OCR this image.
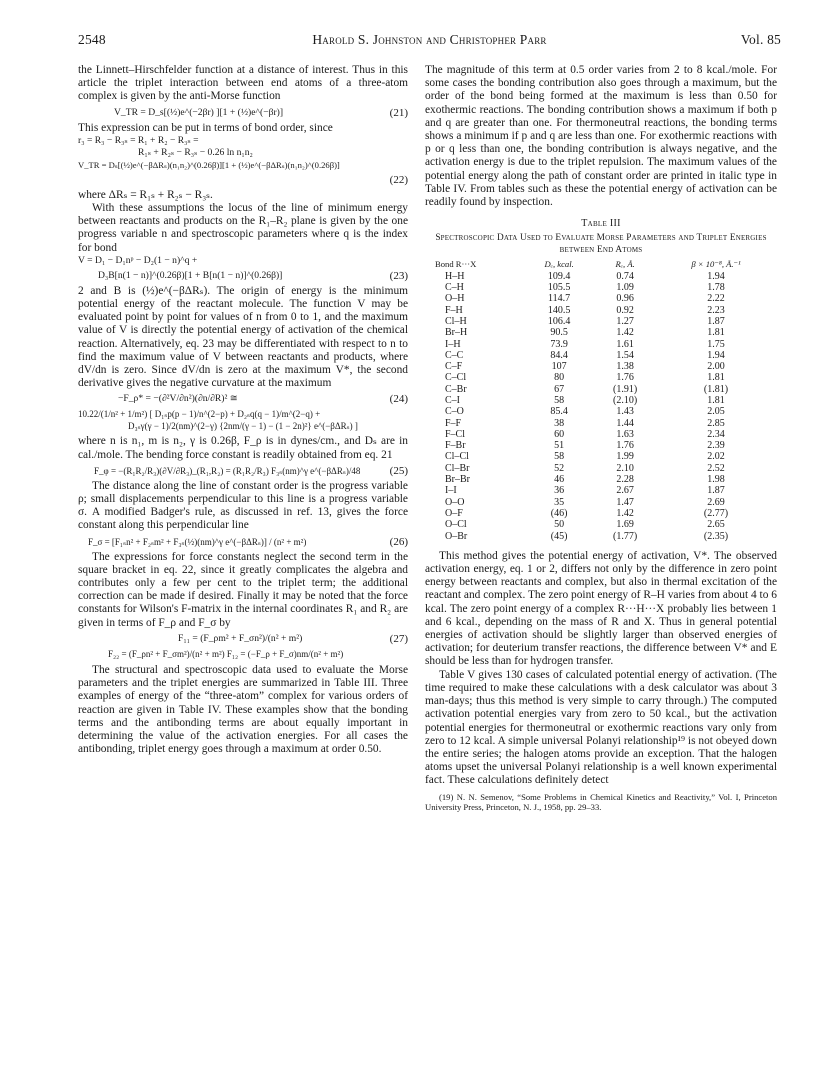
2548	Harold S. Johnston and Christopher Parr	Vol. 85

the Linnett–Hirschfelder function at a distance of interest. Thus in this article the triplet interaction between end atoms of a three-atom complex is given by the anti-Morse function

V_TR = D_s[(½)e^(−2βr) ][1 + (½)e^(−βr)]	(21)

This expression can be put in terms of bond order, since

r₃ = R₃ − R₃ₛ = R₁ + R₂ − R₃ₛ =
R₁ₛ + R₂ₛ − R₃ₛ − 0.26 ln n₁n₂
V_TR = Dₛ[(½)e^(−βΔRₛ)(n₁n₂)^(0.26β)][1 + (½)e^(−βΔRₛ)(n₁n₂)^(0.26β)]
(22)

where ΔRₛ = R₁ₛ + R₂ₛ − R₃ₛ.

With these assumptions the locus of the line of minimum energy between reactants and products on the R₁–R₂ plane is given by the one progress variable n and spectroscopic parameters where q is the index for bond

V = D₁ − D₁nᵖ − D₂(1 − n)^q +
D₃B[n(1 − n)]^(0.26β)[1 + B[n(1 − n)]^(0.26β)]	(23)

2 and B is (½)e^(−βΔRₛ). The origin of energy is the minimum potential energy of the reactant molecule. The function V may be evaluated point by point for values of n from 0 to 1, and the maximum value of V is directly the potential energy of activation of the chemical reaction. Alternatively, eq. 23 may be differentiated with respect to n to find the maximum value of V between reactants and products, where dV/dn is zero. Since dV/dn is zero at the maximum V*, the second derivative gives the negative curvature at the maximum

−F_ρ* = −(∂²V/∂n²)(∂n/∂R)² ≅	(24)
10.22/(1/n² + 1/m²) [ D₁ₛp(p − 1)/n^(2−p) + D₂ₛq(q − 1)/m^(2−q) +
D₃ₛγ(γ − 1)/2(nm)^(2−γ) {2nm/(γ − 1) − (1 − 2n)²} e^(−βΔRₛ) ]

where n is n₁, m is n₂, γ is 0.26β, F_ρ is in dynes/cm., and Dₛ are in cal./mole. The bending force constant is readily obtained from eq. 21

F_φ = −(R₁R₂/R₃)(∂V/∂R₃)_(R₁,R₂) = (R₁R₂/R₃) F₃ₛ(nm)^γ e^(−βΔRₛ)/48	(25)

The distance along the line of constant order is the progress variable ρ; small displacements perpendicular to this line is a progress variable σ. A modified Badger's rule, as discussed in ref. 13, gives the force constant along this perpendicular line

F_σ = [F₁ₛn² + F₂ₛm² + F₃ₛ(½)(nm)^γ e^(−βΔRₛ)] / (n² + m²)	(26)

The expressions for force constants neglect the second term in the square bracket in eq. 22, since it greatly complicates the algebra and contributes only a few per cent to the triplet term; the additional correction can be made if desired. Finally it may be noted that the force constants for Wilson's F-matrix in the internal coordinates R₁ and R₂ are given in terms of F_ρ and F_σ by

F₁₁ = (F_ρm² + F_σn²)/(n² + m²)	(27)
F₂₂ = (F_ρn² + F_σm²)/(n² + m²) F₁₂ = (−F_ρ + F_σ)nm/(n² + m²)

The structural and spectroscopic data used to evaluate the Morse parameters and the triplet energies are summarized in Table III. Three examples of energy of the “three-atom” complex for various orders of reaction are given in Table IV. These examples show that the bonding terms and the antibonding terms are about equally important in determining the value of the activation energies. For all cases the antibonding, triplet energy goes through a maximum at order 0.50.

The magnitude of this term at 0.5 order varies from 2 to 8 kcal./mole. For some cases the bonding contribution also goes through a maximum, but the order of the bond being formed at the maximum is less than 0.50 for exothermic reactions. The bonding contribution shows a maximum if both p and q are greater than one. For thermoneutral reactions, the bonding terms shows a minimum if p and q are less than one. For exothermic reactions with p or q less than one, the bonding contribution is always negative, and the activation energy is due to the triplet repulsion. The maximum values of the potential energy along the path of constant order are printed in italic type in Table IV. From tables such as these the potential energy of activation can be readily found by inspection.

Table III
Spectroscopic Data Used to Evaluate Morse Parameters and Triplet Energies between End Atoms
Bond R···X	Dₑ, kcal.	Rₑ, Å.	β × 10⁻⁸, Å.⁻¹
H–H	109.4	0.74	1.94
C–H	105.5	1.09	1.78
O–H	114.7	0.96	2.22
F–H	140.5	0.92	2.23
Cl–H	106.4	1.27	1.87
Br–H	90.5	1.42	1.81
I–H	73.9	1.61	1.75
C–C	84.4	1.54	1.94
C–F	107	1.38	2.00
C–Cl	80	1.76	1.81
C–Br	67	(1.91)	(1.81)
C–I	58	(2.10)	1.81
C–O	85.4	1.43	2.05
F–F	38	1.44	2.85
F–Cl	60	1.63	2.34
F–Br	51	1.76	2.39
Cl–Cl	58	1.99	2.02
Cl–Br	52	2.10	2.52
Br–Br	46	2.28	1.98
I–I	36	2.67	1.87
O–O	35	1.47	2.69
O–F	(46)	1.42	(2.77)
O–Cl	50	1.69	2.65
O–Br	(45)	(1.77)	(2.35)

This method gives the potential energy of activation, V*. The observed activation energy, eq. 1 or 2, differs not only by the difference in zero point energy between reactants and complex, but also in thermal excitation of the reactant and complex. The zero point energy of R–H varies from about 4 to 6 kcal. The zero point energy of a complex R···H···X probably lies between 1 and 6 kcal., depending on the mass of R and X. Thus in general potential energies of activation should be slightly larger than observed energies of activation; for deuterium transfer reactions, the difference between V* and E should be less than for hydrogen transfer.

Table V gives 130 cases of calculated potential energy of activation. (The time required to make these calculations with a desk calculator was about 3 man-days; thus this method is very simple to carry through.) The computed activation potential energies vary from zero to 50 kcal., but the activation potential energies for thermoneutral or exothermic reactions vary only from zero to 12 kcal. A simple universal Polanyi relationship¹⁹ is not obeyed down the entire series; the halogen atoms provide an exception. That the halogen atoms upset the universal Polanyi relationship is a well known experimental fact. These calculations definitely detect

(19) N. N. Semenov, “Some Problems in Chemical Kinetics and Reactivity,” Vol. I, Princeton University Press, Princeton, N. J., 1958, pp. 29–33.
